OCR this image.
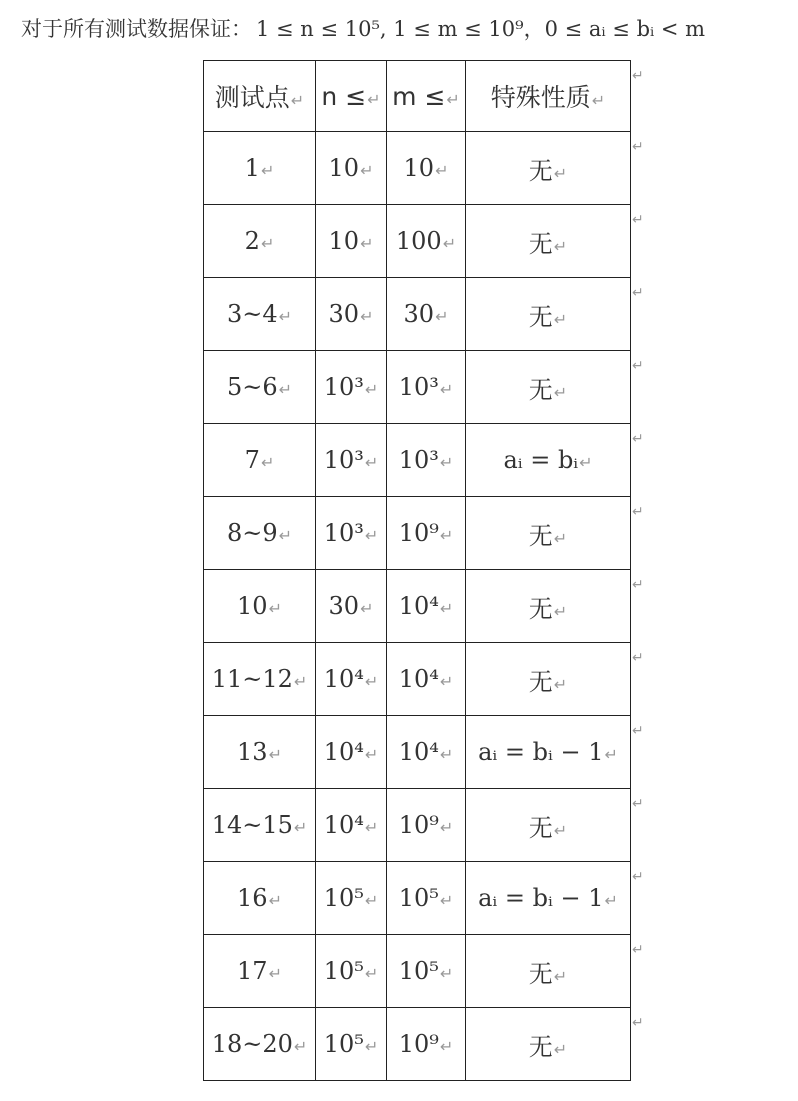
对于所有测试数据保证： 1 ≤ n ≤ 10⁵, 1 ≤ m ≤ 10⁹，0 ≤ aᵢ ≤ bᵢ < m
测试点↵	n ≤↵	m ≤↵	特殊性质↵
1↵	10↵	10↵	无↵
2↵	10↵	100↵	无↵
3~4↵	30↵	30↵	无↵
5~6↵	10³↵	10³↵	无↵
7↵	10³↵	10³↵	aᵢ = bᵢ↵
8~9↵	10³↵	10⁹↵	无↵
10↵	30↵	10⁴↵	无↵
11~12↵	10⁴↵	10⁴↵	无↵
13↵	10⁴↵	10⁴↵	aᵢ = bᵢ − 1↵
14~15↵	10⁴↵	10⁹↵	无↵
16↵	10⁵↵	10⁵↵	aᵢ = bᵢ − 1↵
17↵	10⁵↵	10⁵↵	无↵
18~20↵	10⁵↵	10⁹↵	无↵
↵
↵
↵
↵
↵
↵
↵
↵
↵
↵
↵
↵
↵
↵
